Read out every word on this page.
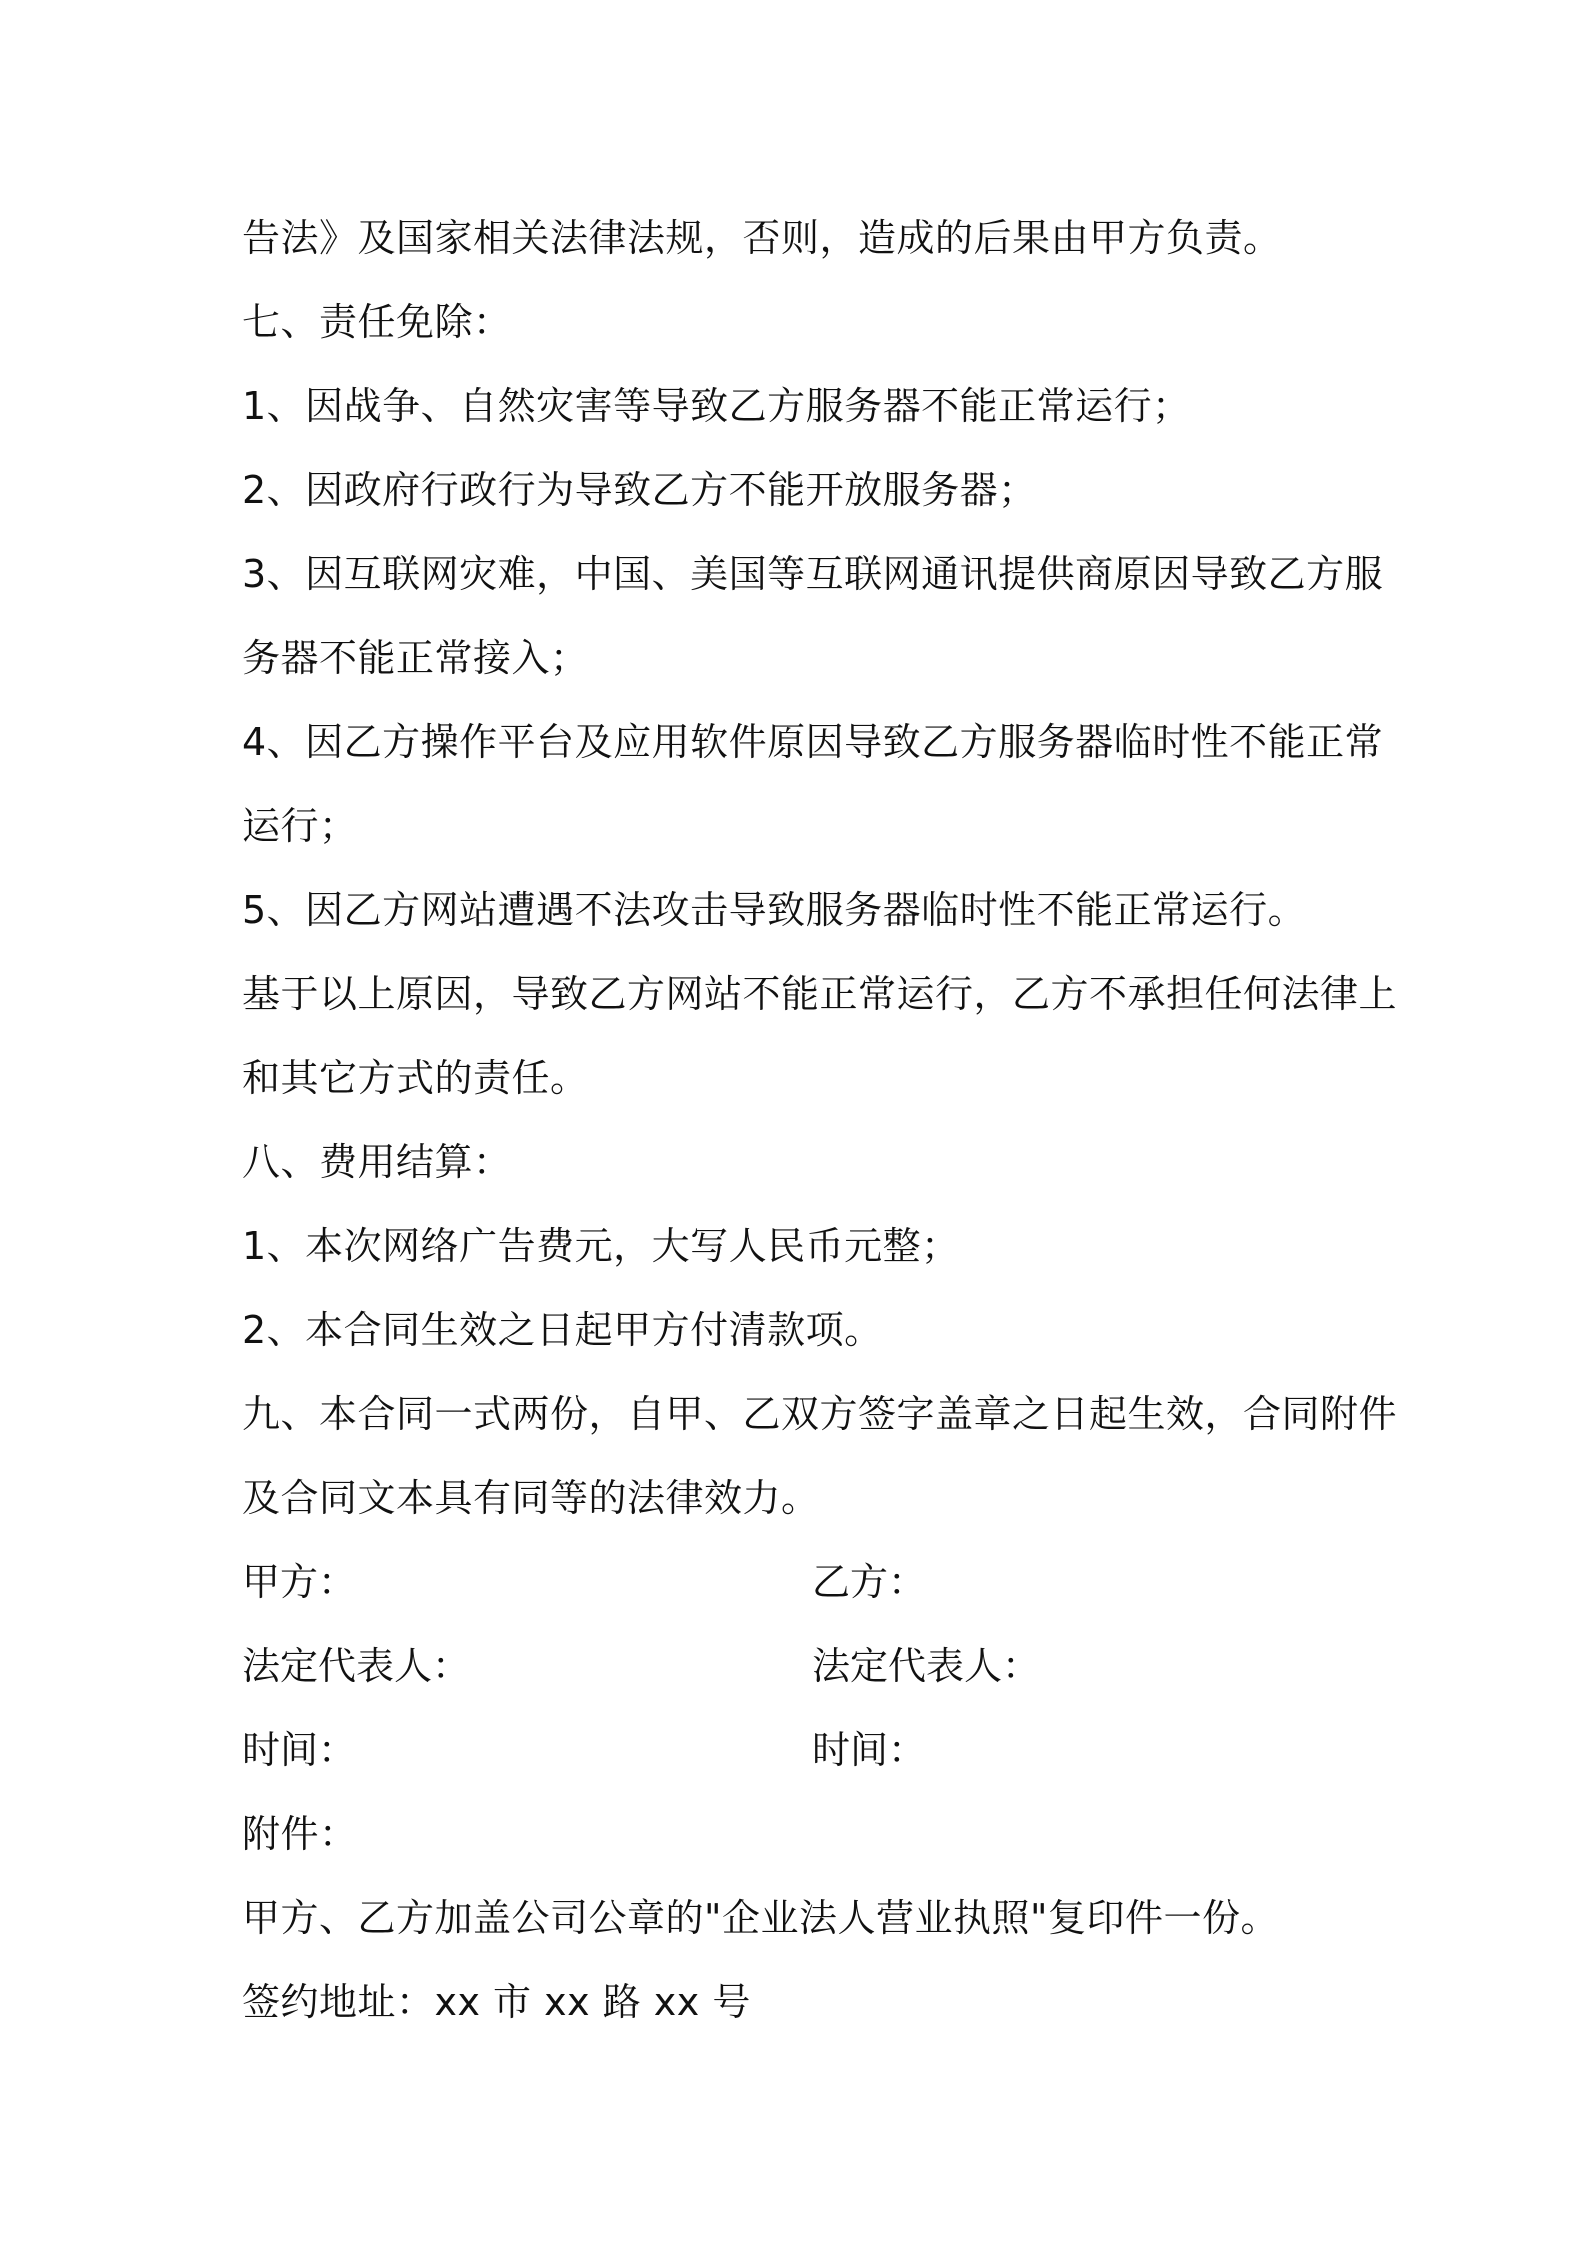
告法》及国家相关法律法规，否则，造成的后果由甲方负责。
七、责任免除：
1、因战争、自然灾害等导致乙方服务器不能正常运行；
2、因政府行政行为导致乙方不能开放服务器；
3、因互联网灾难，中国、美国等互联网通讯提供商原因导致乙方服
务器不能正常接入；
4、因乙方操作平台及应用软件原因导致乙方服务器临时性不能正常
运行；
5、因乙方网站遭遇不法攻击导致服务器临时性不能正常运行。
基于以上原因，导致乙方网站不能正常运行，乙方不承担任何法律上
和其它方式的责任。
八、费用结算：
1、本次网络广告费元，大写人民币元整；
2、本合同生效之日起甲方付清款项。
九、本合同一式两份，自甲、乙双方签字盖章之日起生效，合同附件
及合同文本具有同等的法律效力。
甲方：	乙方：
法定代表人：	法定代表人：
时间：	时间：
附件：
甲方、乙方加盖公司公章的"企业法人营业执照"复印件一份。
签约地址：xx 市 xx 路 xx 号
